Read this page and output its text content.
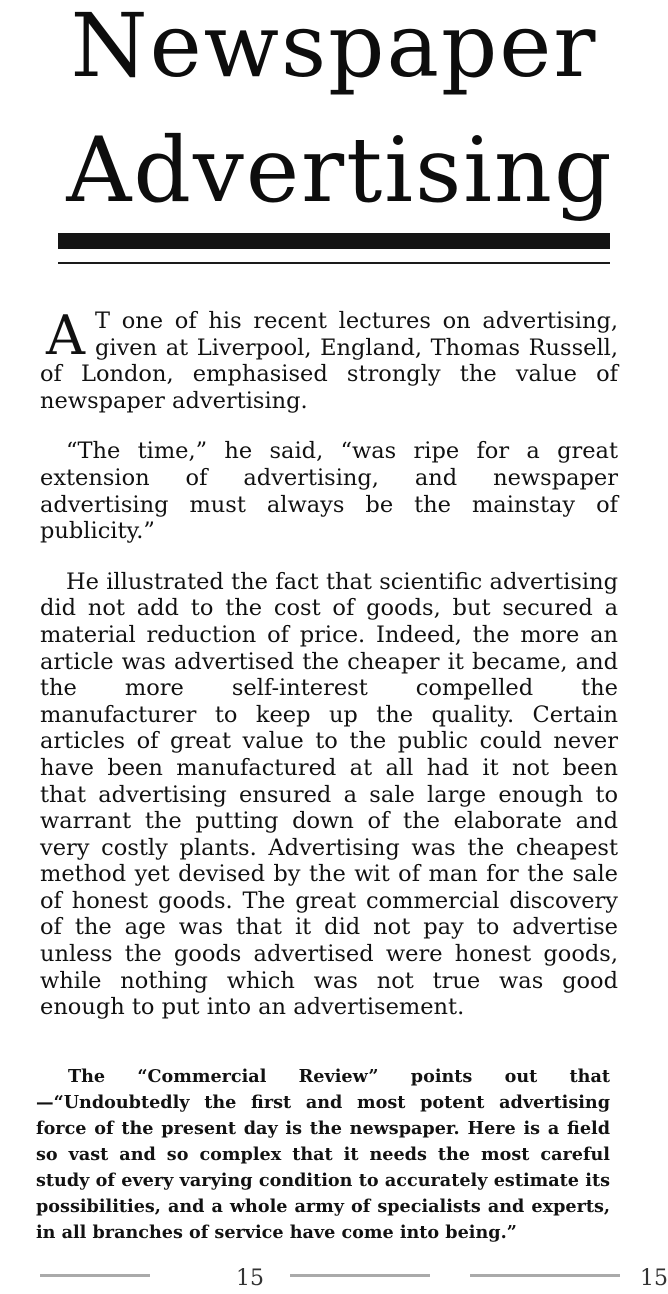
Newspaper
Advertising

A T one of his recent lectures on advertising, given at Liverpool, England, Thomas Russell, of London, emphasised strongly the value of newspaper advertising.

“The time,” he said, “was ripe for a great extension of advertising, and newspaper advertising must always be the mainstay of publicity.”

He illustrated the fact that scientific advertising did not add to the cost of goods, but secured a material reduction of price. Indeed, the more an article was advertised the cheaper it became, and the more self-interest compelled the manufacturer to keep up the quality. Certain articles of great value to the public could never have been manufactured at all had it not been that advertising ensured a sale large enough to warrant the putting down of the elaborate and very costly plants. Advertising was the cheapest method yet devised by the wit of man for the sale of honest goods. The great commercial discovery of the age was that it did not pay to advertise unless the goods advertised were honest goods, while nothing which was not true was good enough to put into an advertisement.

The “Commercial Review” points out that—“Undoubtedly the first and most potent advertising force of the present day is the newspaper. Here is a field so vast and so complex that it needs the most careful study of every varying condition to accurately estimate its possibilities, and a whole army of specialists and experts, in all branches of service have come into being.”

15	15
